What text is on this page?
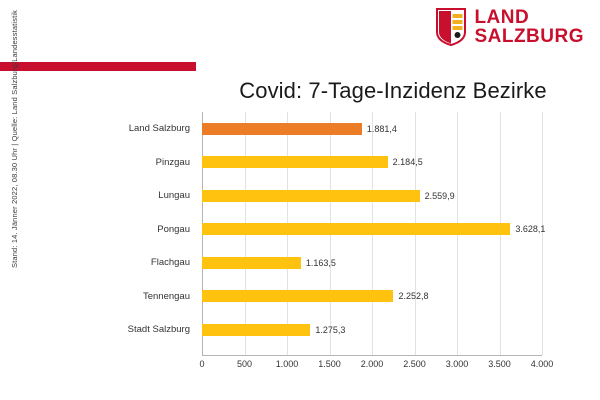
LAND
SALZBURG
Stand: 14. Jänner 2022, 08.30 Uhr | Quelle: Land Salzburg/Landesstatistik	Covid: 7-Tage-Inzidenz Bezirke
Land Salzburg
Pinzgau
Lungau
Pongau
Flachgau
Tennengau
Stadt Salzburg
1.881,4
2.184,5
2.559,9
3.628,1
1.163,5
2.252,8
1.275,3
0	500	1.000 1.500 2.000 2.500 3.000 3.500 4.000
